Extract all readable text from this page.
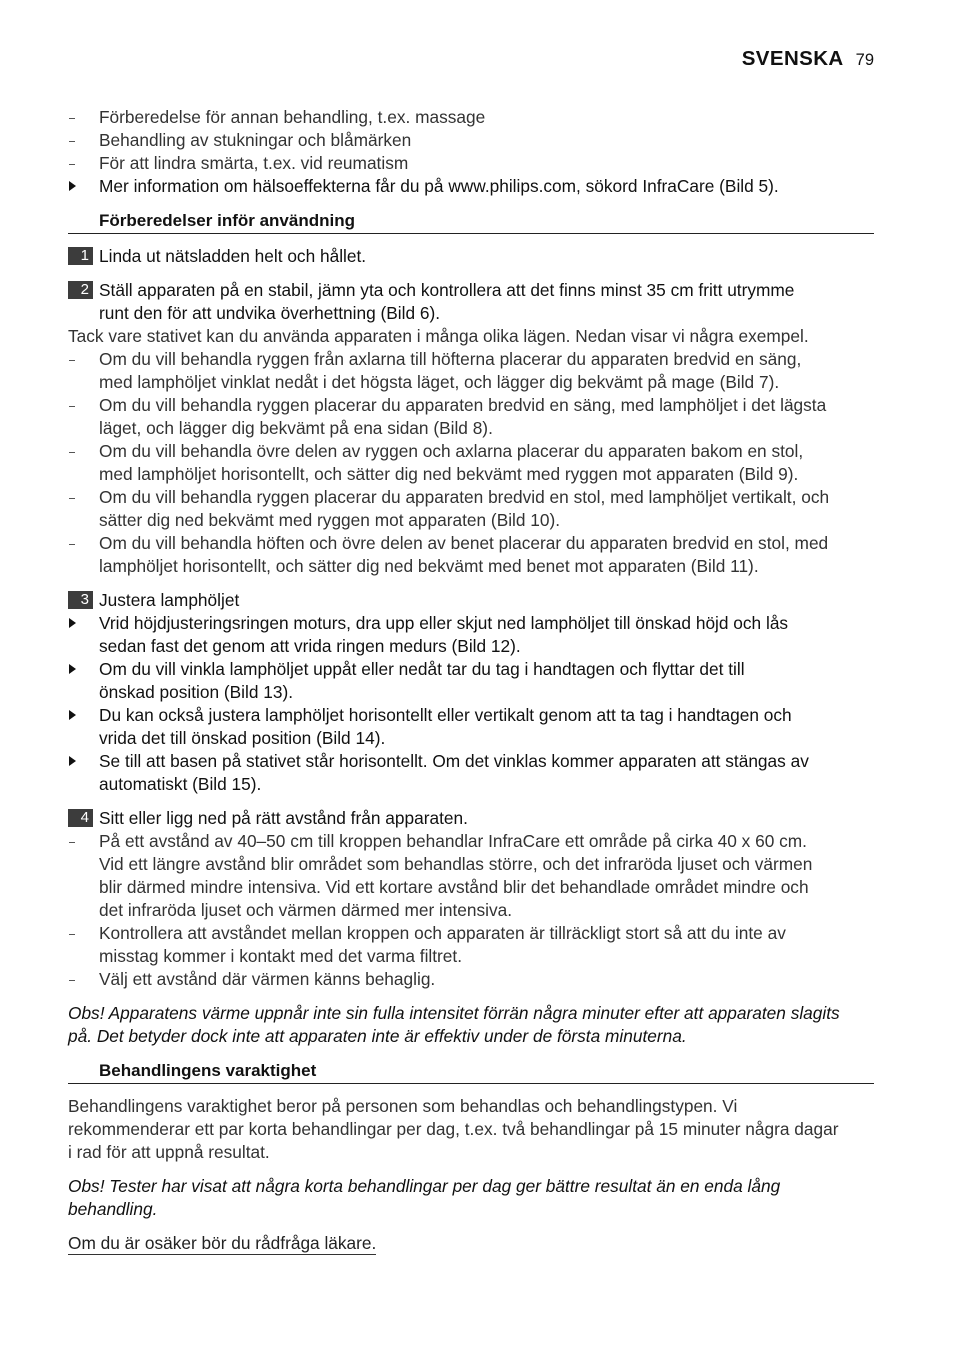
SVENSKA 79
Förberedelse för annan behandling, t.ex. massage
Behandling av stukningar och blåmärken
För att lindra smärta, t.ex. vid reumatism
Mer information om hälsoeffekterna får du på www.philips.com, sökord InfraCare (Bild 5).
Förberedelser inför användning
1 Linda ut nätsladden helt och hållet.
2 Ställ apparaten på en stabil, jämn yta och kontrollera att det finns minst 35 cm fritt utrymme
runt den för att undvika överhettning (Bild 6).
Tack vare stativet kan du använda apparaten i många olika lägen. Nedan visar vi några exempel.
Om du vill behandla ryggen från axlarna till höfterna placerar du apparaten bredvid en säng,
med lamphöljet vinklat nedåt i det högsta läget, och lägger dig bekvämt på mage (Bild 7).
Om du vill behandla ryggen placerar du apparaten bredvid en säng, med lamphöljet i det lägsta
läget, och lägger dig bekvämt på ena sidan (Bild 8).
Om du vill behandla övre delen av ryggen och axlarna placerar du apparaten bakom en stol,
med lamphöljet horisontellt, och sätter dig ned bekvämt med ryggen mot apparaten (Bild 9).
Om du vill behandla ryggen placerar du apparaten bredvid en stol, med lamphöljet vertikalt, och
sätter dig ned bekvämt med ryggen mot apparaten (Bild 10).
Om du vill behandla höften och övre delen av benet placerar du apparaten bredvid en stol, med
lamphöljet horisontellt, och sätter dig ned bekvämt med benet mot apparaten (Bild 11).
3 Justera lamphöljet
Vrid höjdjusteringsringen moturs, dra upp eller skjut ned lamphöljet till önskad höjd och lås
sedan fast det genom att vrida ringen medurs (Bild 12).
Om du vill vinkla lamphöljet uppåt eller nedåt tar du tag i handtagen och flyttar det till
önskad position (Bild 13).
Du kan också justera lamphöljet horisontellt eller vertikalt genom att ta tag i handtagen och
vrida det till önskad position (Bild 14).
Se till att basen på stativet står horisontellt. Om det vinklas kommer apparaten att stängas av
automatiskt (Bild 15).
4 Sitt eller ligg ned på rätt avstånd från apparaten.
På ett avstånd av 40–50 cm till kroppen behandlar InfraCare ett område på cirka 40 x 60 cm.
Vid ett längre avstånd blir området som behandlas större, och det infraröda ljuset och värmen
blir därmed mindre intensiva. Vid ett kortare avstånd blir det behandlade området mindre och
det infraröda ljuset och värmen därmed mer intensiva.
Kontrollera att avståndet mellan kroppen och apparaten är tillräckligt stort så att du inte av
misstag kommer i kontakt med det varma filtret.
Välj ett avstånd där värmen känns behaglig.
Obs! Apparatens värme uppnår inte sin fulla intensitet förrän några minuter efter att apparaten slagits
på. Det betyder dock inte att apparaten inte är effektiv under de första minuterna.
Behandlingens varaktighet
Behandlingens varaktighet beror på personen som behandlas och behandlingstypen. Vi
rekommenderar ett par korta behandlingar per dag, t.ex. två behandlingar på 15 minuter några dagar
i rad för att uppnå resultat.
Obs! Tester har visat att några korta behandlingar per dag ger bättre resultat än en enda lång
behandling.
Om du är osäker bör du rådfråga läkare.
